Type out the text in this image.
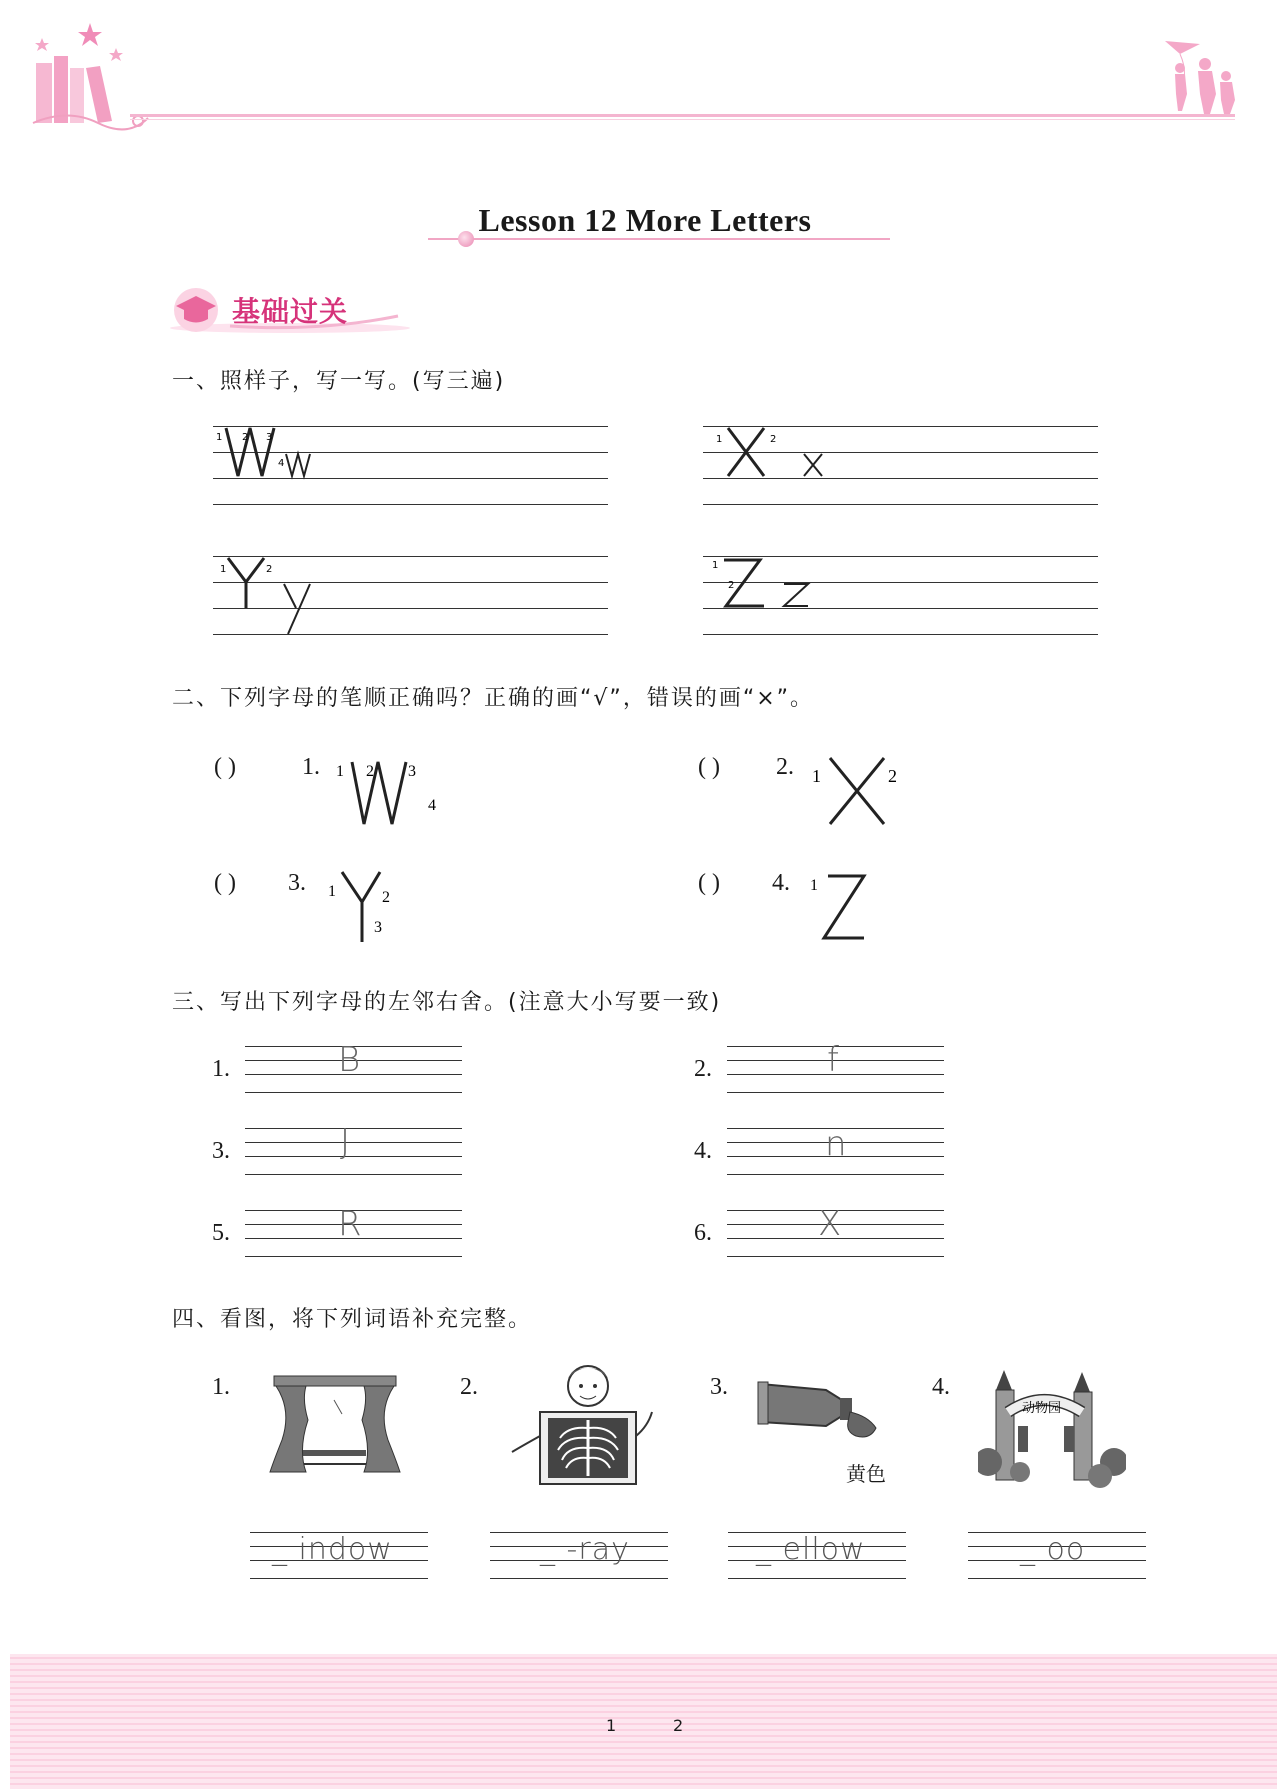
Lesson 12 More Letters
基础过关
一、照样子，写一写。(写三遍)
1 2 3
4
1	2
1	2	1
2
二、下列字母的笔顺正确吗？正确的画“√”，错误的画“×”。
( )	1. 1 2 3
4
( ) 2. 1	2
( ) 3. 1	2
3
( ) 4. 1
三、写出下列字母的左邻右舍。(注意大小写要一致)
1.	B	2.	f
3.	J	4.	n
5.	R	6.	X
四、看图，将下列词语补充完整。
1.	2.	3.
黄色
4.
动物园
_ indow	_ -ray	_ ellow	_ oo
1	2
